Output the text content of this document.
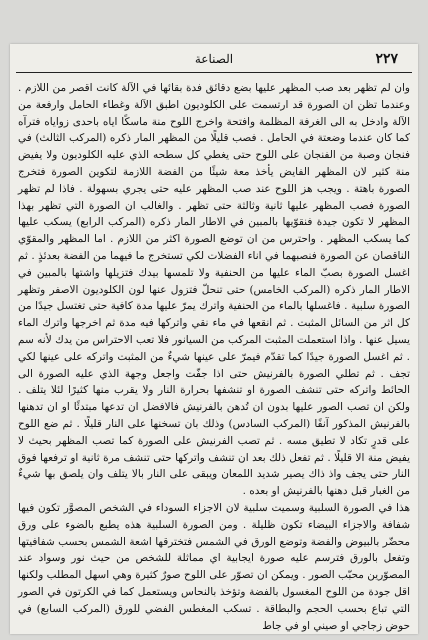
٢٢٧
الصناعة

وان لم تظهر بعد صب المظهر عليها بضع دقائق فدة بقائها في الآلة كانت اقصر من اللازم . وعندما تظن ان الصورة قد ارتسمت على الكلوديون اطبق الآلة وغطاء الحامل وارفعة من الآلة وادخل به الى الغرفة المظلمة وافتحة واخرج اللوح منة ماسكًا اياه باحدى زواياه فترآه كما كان عندما وضعتة في الحامل . فصب قليلًا من المظهر المار ذكره (المركب الثالث) في فنجان وصبة من الفنجان على اللوح حتى يغطي كل سطحه الذي عليه الكلوديون ولا يفيض منة كثير لان المظهر الفايض يأخذ معة شيئًا من الفضة اللازمة لتكوين الصورة فتخرج الصورة باهتة . ويجب هز اللوح عند صب المظهر عليه حتى يجري بسهولة . فاذا لم تظهر الصورة فصب المظهر عليها ثانية وثالثة حتى تظهر . والغالب ان الصورة التي تظهر بهذا المظهر لا تكون جيدة فنقوّيها بالمبين في الاطار المار ذكره (المركب الرابع) يسكب عليها كما يسكب المظهر . واحترس من ان توضع الصورة اكثر من اللازم . اما المظهر والمقوّي الناقصان عن الصورة فنصبهما في اناء الفضلات لكي تستخرج ما فيهما من الفضة بعدئذٍ . ثم اغسل الصورة بصبّ الماء عليها من الحنفية ولا تلمسها بيدك فتزيلها واشتها بالمبين في الاطار المار ذكره (المركب الخامس) حتى تنحلّ فتزول عنها لون الكلوديون الاصفر وتظهر الصورة سلبية . فاغسلها بالماء من الحنفية واترك يمرّ عليها مدة كافية حتى تغتسل جيدًا من كل اثر من السائل المثبت . ثم انقعها في ماء نقي واتركها فيه مدة ثم اخرجها واترك الماء يسيل عنها . واذا استعملت المثبت المركب من السيانور فلا تعب الاحتراس من يدك لأنه سم . ثم اغسل الصورة جيدًا كما تقدّم فيمرّ على عينها شيءٌ من المثبت واتركه على عينها لكي تجف . ثم تطلي الصورة بالفرنيش حتى اذا جفّت واجعل وجهة الذي عليه الصورة الى الحائط واتركه حتى تنشف الصورة او تنشفها بحرارة النار ولا يقرب منها كثيرًا لئلا يتلف . ولكن ان تصب الصور عليها بدون ان تُدهن بالفرنيش فالافضل ان تدعها مبتدئًا او ان تدهنها بالفرنيش المذكور آنفًا (المركب السادس) وذلك بان تسخنها على النار قليلًا . ثم ضع اللوح على قدرٍ تكاد لا تطيق مسه . ثم تصب الفرنيش على الصورة كما تصب المظهر بحيث لا يفيض منة الا قليلًا . ثم تفعل ذلك بعد ان تنشف واتركها حتى تنشف مرة ثانية او ترفعها فوق النار حتى يجف واذ ذاك يصير شديد اللمعان ويبقى على النار بالا يتلف وان يلصق بها شيءٌ من الغبار قبل دهنها بالفرنيش او بعده .

هذا في الصورة السلبية وسميت سلبية لان الاجزاء السوداء في الشخص المصوَّر تكون فيها شفافة والاجزاء البيضاء تكون ظليلة . ومن الصورة السلبية هذه يطبع بالضوء على ورق محضّر بالبيوض والفضة وتوضع الورق في الشمس فتخترقها اشعة الشمس بحسب شفافيتها وتفعل بالورق فترسم عليه صورة ايجابية اي مماثلة للشخص من حيث نور وسواد عند المصوّرين محبّب الصور . ويمكن ان تصوّر على اللوح صورٌ كثيرة وهي اسهل المطلب ولكنها اقل جودة من اللوح المغسول بالفضة وتؤخذ بالنحاس ويستعمل كما في الكرتون في الصور التي تباع بحسب الحجم والبطاقة . تسكب المغطس الفضي للورق (المركب السابع) في حوض زجاجي او صيني او في جاط
